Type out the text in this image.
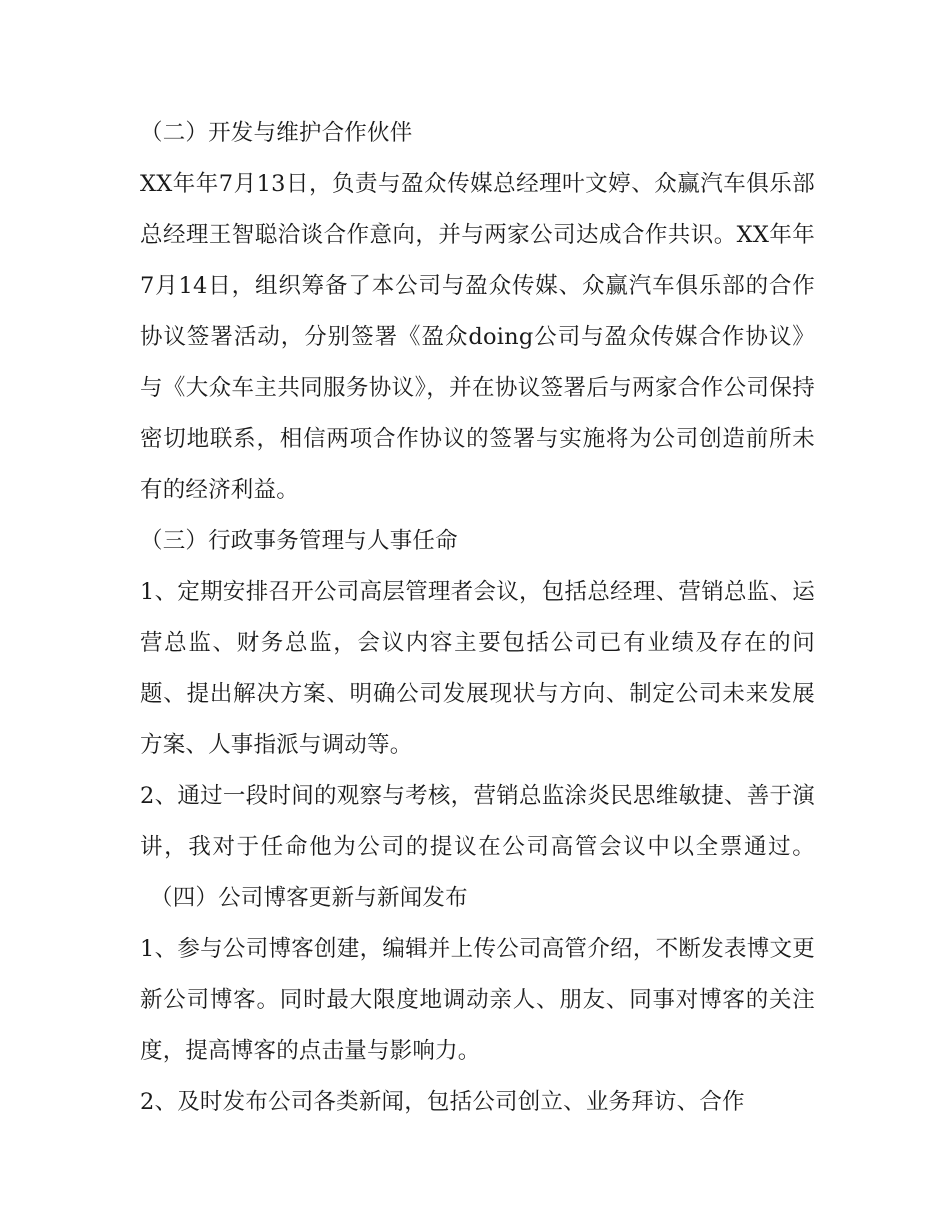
（二）开发与维护合作伙伴

XX年年7月13日，负责与盈众传媒总经理叶文婷、众赢汽车俱乐部总经理王智聪洽谈合作意向，并与两家公司达成合作共识。XX年年7月14日，组织筹备了本公司与盈众传媒、众赢汽车俱乐部的合作协议签署活动，分别签署《盈众doing公司与盈众传媒合作协议》与《大众车主共同服务协议》，并在协议签署后与两家合作公司保持密切地联系，相信两项合作协议的签署与实施将为公司创造前所未有的经济利益。

（三）行政事务管理与人事任命

1、定期安排召开公司高层管理者会议，包括总经理、营销总监、运营总监、财务总监，会议内容主要包括公司已有业绩及存在的问题、提出解决方案、明确公司发展现状与方向、制定公司未来发展方案、人事指派与调动等。

2、通过一段时间的观察与考核，营销总监涂炎民思维敏捷、善于演讲，我对于任命他为公司的提议在公司高管会议中以全票通过。（四）公司博客更新与新闻发布

1、参与公司博客创建，编辑并上传公司高管介绍，不断发表博文更新公司博客。同时最大限度地调动亲人、朋友、同事对博客的关注度，提高博客的点击量与影响力。

2、及时发布公司各类新闻，包括公司创立、业务拜访、合作
